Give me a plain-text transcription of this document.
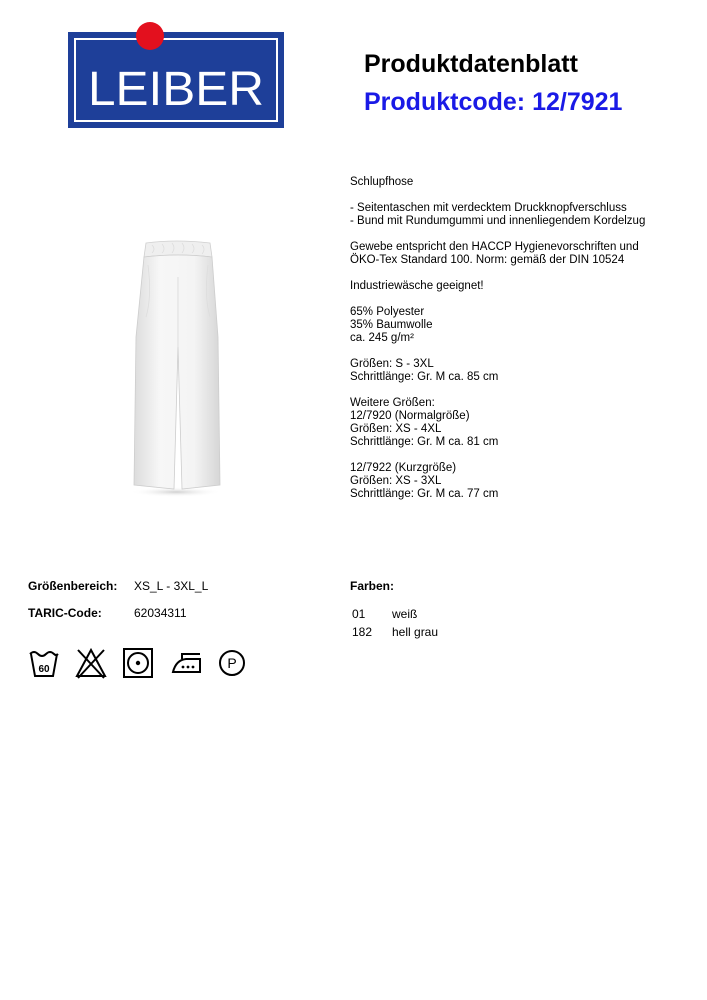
LEIBER	Produktdatenblatt
Produktcode: 12/7921
Schlupfhose
- Seitentaschen mit verdecktem Druckknopfverschluss
- Bund mit Rundumgummi und innenliegendem Kordelzug
Gewebe entspricht den HACCP Hygienevorschriften und
ÖKO-Tex Standard 100. Norm: gemäß der DIN 10524
Industriewäsche geeignet!
65% Polyester
35% Baumwolle
ca. 245 g/m²
Größen: S - 3XL
Schrittlänge: Gr. M ca. 85 cm
Weitere Größen:
12/7920 (Normalgröße)
Größen: XS - 4XL
Schrittlänge: Gr. M ca. 81 cm
12/7922 (Kurzgröße)
Größen: XS - 3XL
Schrittlänge: Gr. M ca. 77 cm
Größenbereich: XS_L - 3XL_L
TARIC-Code:	62034311
Farben:
01 weiß
182 hell grau
60	P
